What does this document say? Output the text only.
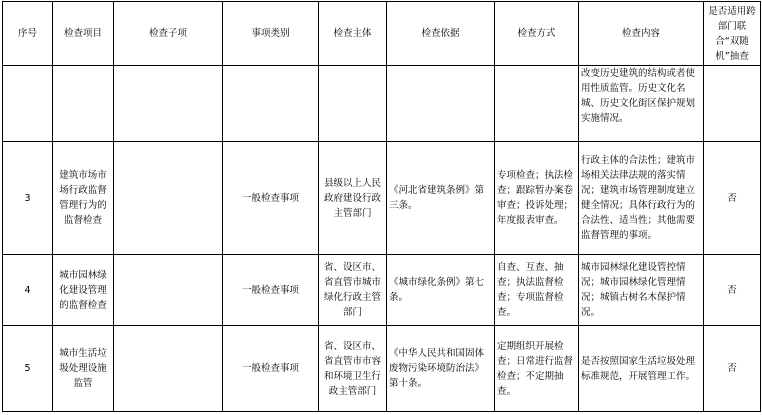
序号	检查项目	检查子项	事项类别	检查主体	检查依据	检查方式	检查内容	是否适用跨部门联合“双随机”抽查
							改变历史建筑的结构或者使用性质监管。历史文化名城、历史文化街区保护规划实施情况。	
3	建筑市场市场行政监督管理行为的监督检查		一般检查事项	县级以上人民政府建设行政主管部门	《河北省建筑条例》第三条。	专项检查；执法检查；跟踪暂办案卷审查；投诉处理；年度报表审查。	行政主体的合法性；建筑市场相关法律法规的落实情况；建筑市场管理制度建立健全情况；具体行政行为的合法性、适当性；其他需要监督管理的事项。	否
4	城市园林绿化建设管理的监督检查		一般检查事项	省、设区市、省直管市城市绿化行政主管部门	《城市绿化条例》第七条。	自查、互查、抽查；执法监督检查；专项监督检查。	城市园林绿化建设管控情况；城市园林绿化管理情况；城镇古树名木保护情况。	否
5	城市生活垃圾处理设施监管		一般检查事项	省、设区市、省直管市市容和环境卫生行政主管部门	《中华人民共和国固体废物污染环境防治法》第十条。	定期组织开展检查；日常进行监督检查；不定期抽查。	是否按照国家生活垃圾处理标准规范，开展管理工作。	否
